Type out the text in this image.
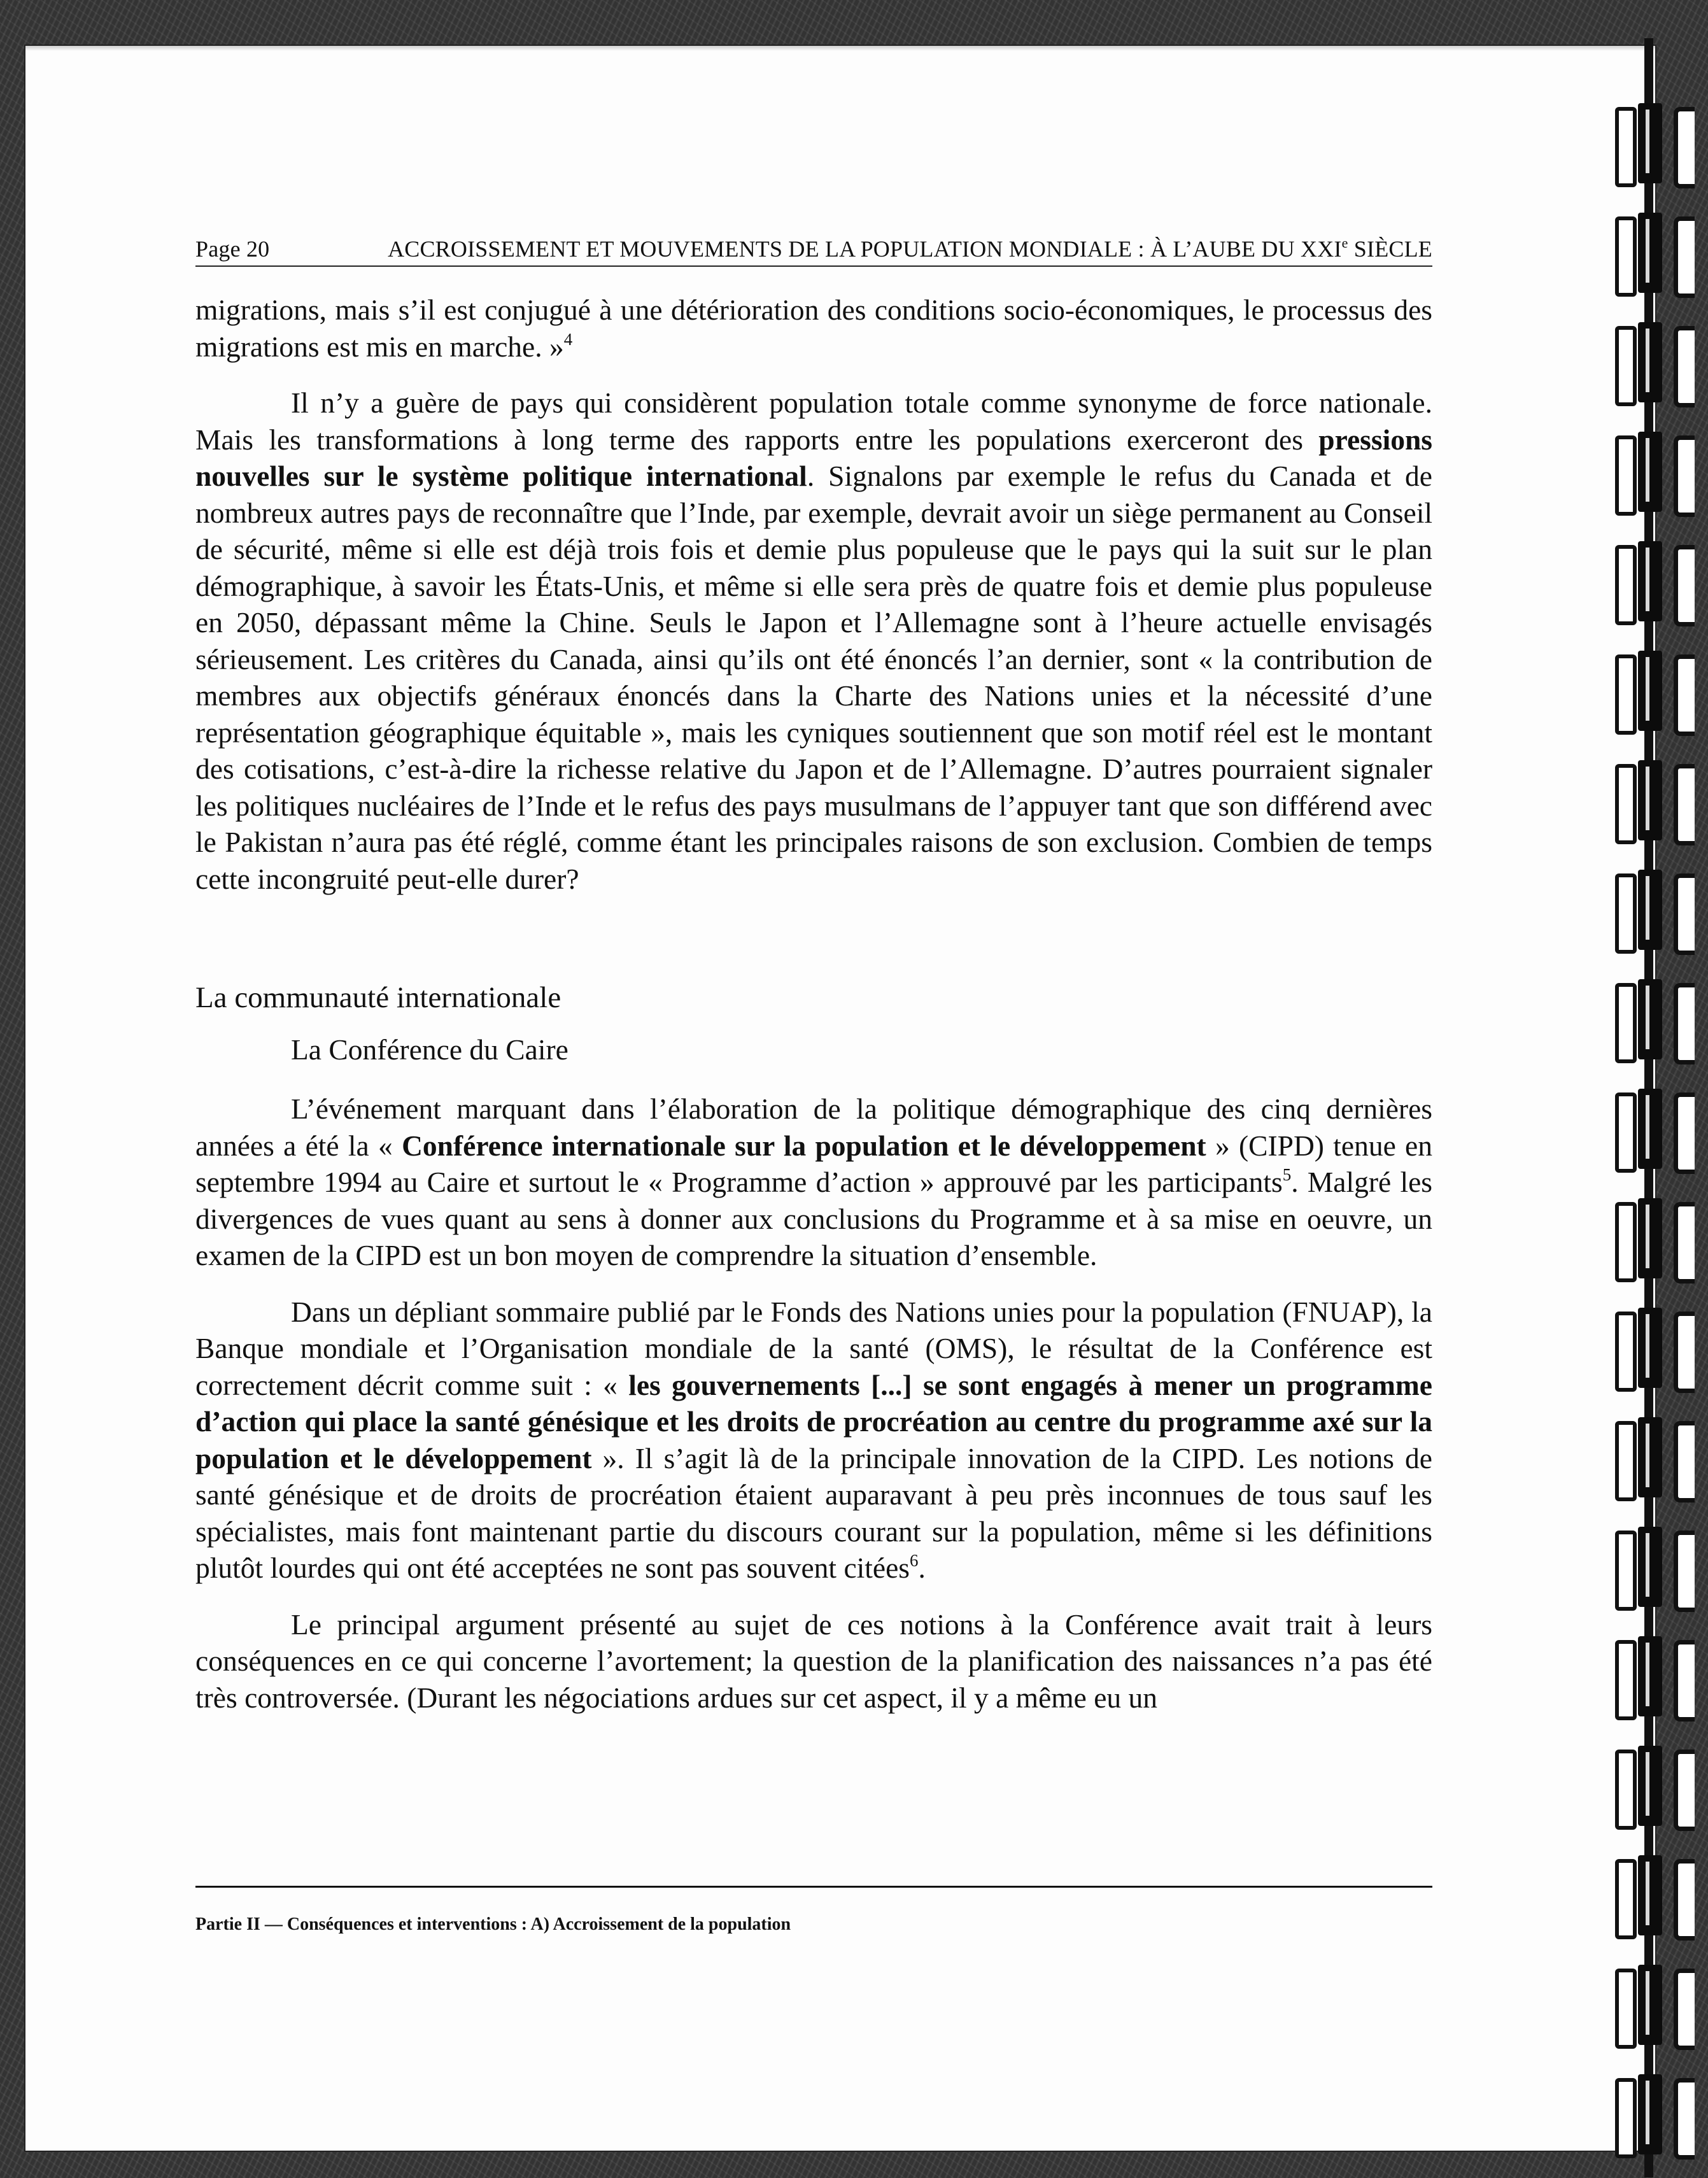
Page 20	ACCROISSEMENT ET MOUVEMENTS DE LA POPULATION MONDIALE : À L’AUBE DU XXIe SIÈCLE

migrations, mais s’il est conjugué à une détérioration des conditions socio-économiques, le processus des migrations est mis en marche. »$^4$

Il n’y a guère de pays qui considèrent population totale comme synonyme de force nationale. Mais les transformations à long terme des rapports entre les populations exerceront des pressions nouvelles sur le système politique international. Signalons par exemple le refus du Canada et de nombreux autres pays de reconnaître que l’Inde, par exemple, devrait avoir un siège permanent au Conseil de sécurité, même si elle est déjà trois fois et demie plus populeuse que le pays qui la suit sur le plan démographique, à savoir les États-Unis, et même si elle sera près de quatre fois et demie plus populeuse en 2050, dépassant même la Chine. Seuls le Japon et l’Allemagne sont à l’heure actuelle envisagés sérieusement. Les critères du Canada, ainsi qu’ils ont été énoncés l’an dernier, sont « la contribution de membres aux objectifs généraux énoncés dans la Charte des Nations unies et la nécessité d’une représentation géographique équitable », mais les cyniques soutiennent que son motif réel est le montant des cotisations, c’est-à-dire la richesse relative du Japon et de l’Allemagne. D’autres pourraient signaler les politiques nucléaires de l’Inde et le refus des pays musulmans de l’appuyer tant que son différend avec le Pakistan n’aura pas été réglé, comme étant les principales raisons de son exclusion. Combien de temps cette incongruité peut-elle durer?

La communauté internationale
La Conférence du Caire

L’événement marquant dans l’élaboration de la politique démographique des cinq dernières années a été la « Conférence internationale sur la population et le développement » (CIPD) tenue en septembre 1994 au Caire et surtout le « Programme d’action » approuvé par les participants$^5$. Malgré les divergences de vues quant au sens à donner aux conclusions du Programme et à sa mise en oeuvre, un examen de la CIPD est un bon moyen de comprendre la situation d’ensemble.

Dans un dépliant sommaire publié par le Fonds des Nations unies pour la population (FNUAP), la Banque mondiale et l’Organisation mondiale de la santé (OMS), le résultat de la Conférence est correctement décrit comme suit : « les gouvernements [...] se sont engagés à mener un programme d’action qui place la santé génésique et les droits de procréation au centre du programme axé sur la population et le développement ». Il s’agit là de la principale innovation de la CIPD. Les notions de santé génésique et de droits de procréation étaient auparavant à peu près inconnues de tous sauf les spécialistes, mais font maintenant partie du discours courant sur la population, même si les définitions plutôt lourdes qui ont été acceptées ne sont pas souvent citées$^6$.

Le principal argument présenté au sujet de ces notions à la Conférence avait trait à leurs conséquences en ce qui concerne l’avortement; la question de la planification des naissances n’a pas été très controversée. (Durant les négociations ardues sur cet aspect, il y a même eu un

Partie II — Conséquences et interventions : A) Accroissement de la population
